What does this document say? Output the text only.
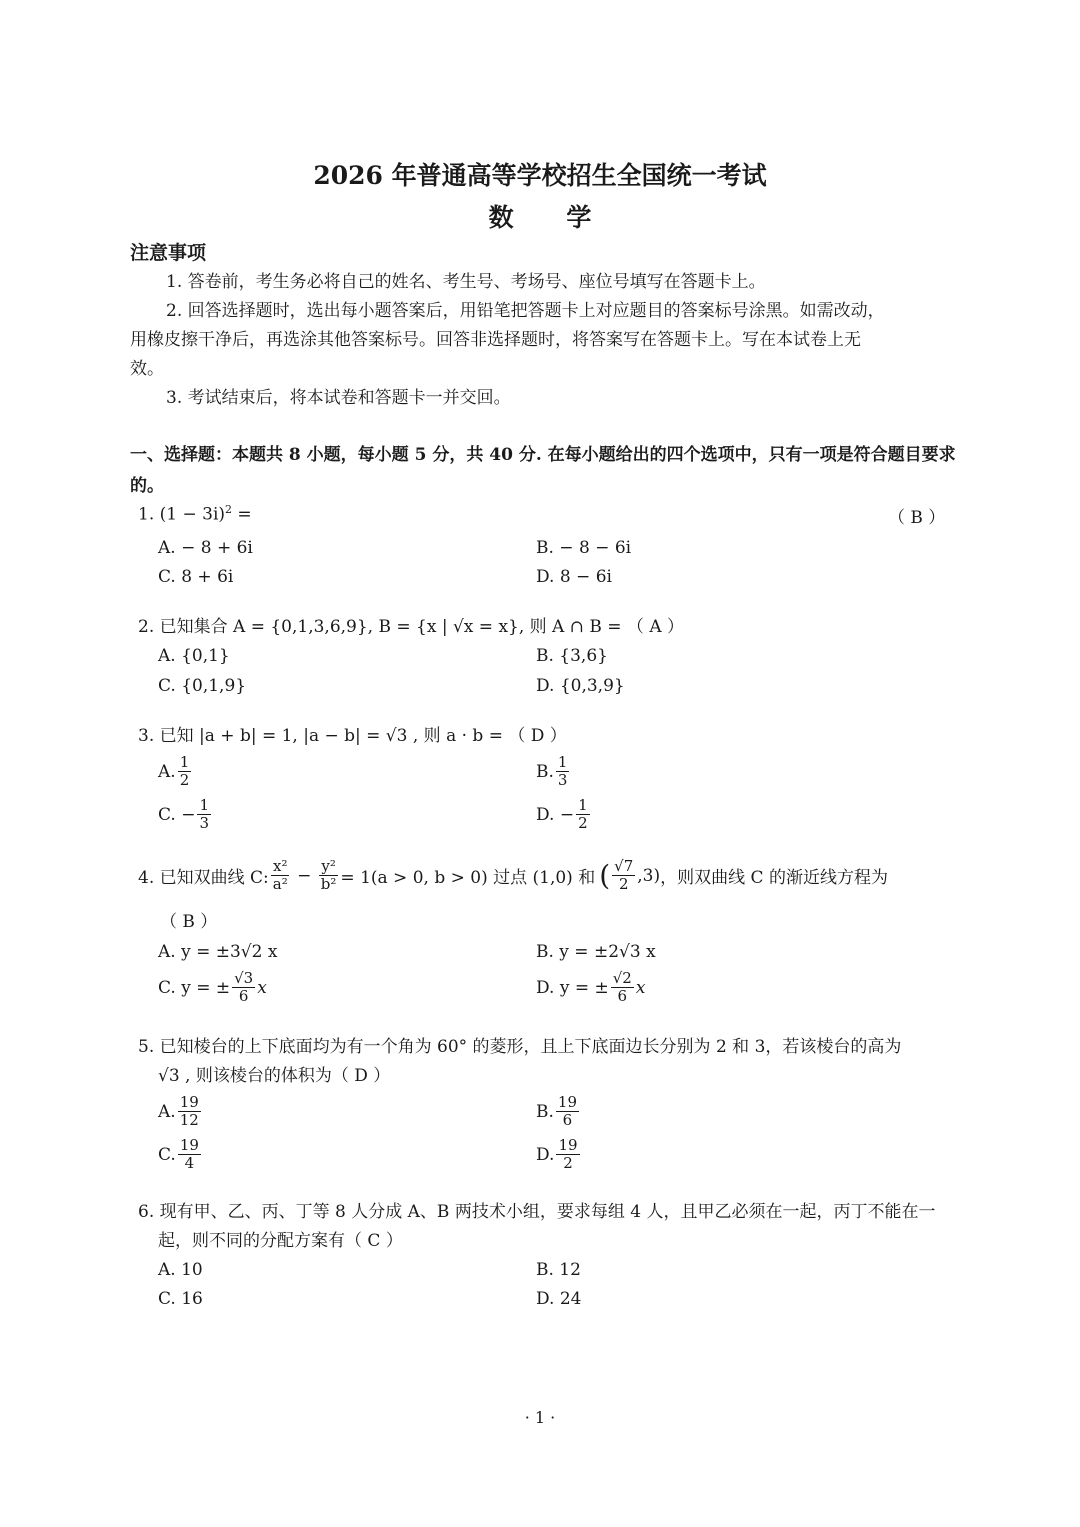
2026 年普通高等学校招生全国统一考试
数 学
注意事项
1. 答卷前，考生务必将自己的姓名、考生号、考场号、座位号填写在答题卡上。
2. 回答选择题时，选出每小题答案后，用铅笔把答题卡上对应题目的答案标号涂黑。如需改动，
用橡皮擦干净后，再选涂其他答案标号。回答非选择题时，将答案写在答题卡上。写在本试卷上无
效。
3. 考试结束后，将本试卷和答题卡一并交回。
一、选择题：本题共 8 小题，每小题 5 分，共 40 分. 在每小题给出的四个选项中，只有一项是符合题目要求的。
1. $(1 - 3i)^2$ =	（ B ）
A. − 8 + 6i	B. − 8 − 6i
C. 8 + 6i	D. 8 − 6i
2. 已知集合 A = {0,1,3,6,9}, B = {x | √x = x}, 则 A ∩ B = （ A ）
A. {0,1}	B. {3,6}
C. {0,1,9}	D. {0,3,9}
3. 已知 |a + b| = 1, |a − b| = √3 , 则 a · b = （ D ）
A. $\frac{1}{2}$	B. $\frac{1}{3}$
C. − $\frac{1}{3}$	D. − $\frac{1}{2}$
4. 已知双曲线 C: $\frac{\text{x²}}{\text{a²}} - \frac{\text{y²}}{\text{b²}} = 1(a > 0$, b > 0) 过点 (1,0) 和 ( $\frac{√7}{2} ,3$) ，则双曲线 C 的渐近线方程为
（ B ）
A. y = ±3√2 x	B. y = ±2√3 x
C. y = ± $\frac{√3}{6}$ x	D. y = ± $\frac{√2}{6}$ x
5. 已知棱台的上下底面均为有一个角为 60° 的菱形，且上下底面边长分别为 2 和 3，若该棱台的高为
√3 , 则该棱台的体积为（ D ）
A. $\frac{19}{12}$	B. $\frac{19}{6}$
C. $\frac{19}{4}$	D. $\frac{19}{2}$
6. 现有甲、乙、丙、丁等 8 人分成 A、B 两技术小组，要求每组 4 人，且甲乙必须在一起，丙丁不能在一
起，则不同的分配方案有（ C ）
A. 10	B. 12
C. 16	D. 24
· 1 ·
